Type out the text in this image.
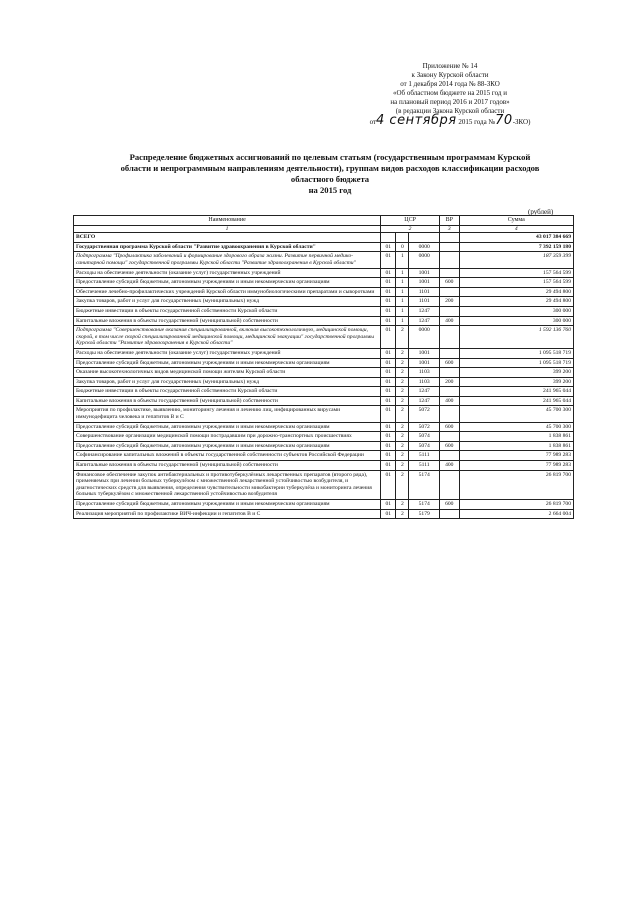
Приложение № 14
к Закону Курской области
от 1 декабря 2014 года № 88-ЗКО
«Об областном бюджете на 2015 год и
на плановый период 2016 и 2017 годов»
(в редакции Закона Курской области
от4 сентября 2015 года №70-ЗКО)
Распределение бюджетных ассигнований по целевым статьям (государственным программам Курской
области и непрограммным направлениям деятельности), группам видов расходов классификации расходов
областного бюджета
на 2015 год
(рублей)
Наименование	ЦСР			ВР	Сумма
1	2			3	4
ВСЕГО					43 017 384 669
Государственная программа Курской области "Развитие здравоохранения в Курской области"	01	0	0000		7 392 159 180
Подпрограмма "Профилактика заболеваний и формирование здорового образа жизни. Развитие первичной медико-санитарной помощи" государственной программы Курской области "Развитие здравоохранения в Курской области"	01	1	0000		187 359 399
Расходы на обеспечение деятельности (оказание услуг) государственных учреждений	01	1	1001		157 564 599
Предоставление субсидий бюджетным, автономным учреждениям и иным некоммерческим организациям	01	1	1001	600	157 564 599
Обеспечение лечебно-профилактических учреждений Курской области иммунобиологическими препаратами и сыворотками	01	1	1101		29 494 800
Закупка товаров, работ и услуг для государственных (муниципальных) нужд	01	1	1101	200	29 494 800
Бюджетные инвестиции в объекты государственной собственности Курской области	01	1	1247		300 000
Капитальные вложения в объекты государственной (муниципальной) собственности	01	1	1247	400	300 000
Подпрограмма "Совершенствование оказания специализированной, включая высокотехнологичную, медицинской помощи, скорой, в том числе скорой специализированной медицинской помощи, медицинской эвакуации" государственной программы Курской области "Развитие здравоохранения в Курской области"	01	2	0000		1 592 136 760
Расходы на обеспечение деятельности (оказание услуг) государственных учреждений	01	2	1001		1 095 518 719
Предоставление субсидий бюджетным, автономным учреждениям и иным некоммерческим организациям	01	2	1001	600	1 095 518 719
Оказание высокотехнологичных видов медицинской помощи жителям Курской области	01	2	1103		399 200
Закупка товаров, работ и услуг для государственных (муниципальных) нужд	01	2	1103	200	399 200
Бюджетные инвестиции в объекты государственной собственности Курской области	01	2	1247		241 965 044
Капитальные вложения в объекты государственной (муниципальной) собственности	01	2	1247	400	241 965 044
Мероприятия по профилактике, выявлению, мониторингу лечения и лечению лиц, инфицированных вирусами иммунодефицита человека и гепатитов В и С	01	2	5072		45 700 300
Предоставление субсидий бюджетным, автономным учреждениям и иным некоммерческим организациям	01	2	5072	600	45 700 300
Совершенствование организации медицинской помощи пострадавшим при дорожно-транспортных происшествиях	01	2	5074		1 838 861
Предоставление субсидий бюджетным, автономным учреждениям и иным некоммерческим организациям	01	2	5074	600	1 838 861
Софинансирование капитальных вложений в объекты государственной собственности субъектов Российской Федерации	01	2	5111		77 989 283
Капитальные вложения в объекты государственной (муниципальной) собственности	01	2	5111	400	77 989 283
Финансовое обеспечение закупок антибактериальных и противотуберкулёзных лекарственных препаратов (второго ряда), применяемых при лечении больных туберкулёзом с множественной лекарственной устойчивостью возбудителя, и диагностических средств для выявления, определения чувствительности микобактерии туберкулёза и мониторинга лечения больных туберкулёзом с множественной лекарственной устойчивостью возбудителя	01	2	5174		26 819 700
Предоставление субсидий бюджетным, автономным учреждениям и иным некоммерческим организациям	01	2	5174	600	26 819 700
Реализация мероприятий по профилактике ВИЧ-инфекции и гепатитов В и С	01	2	5179		2 664 004
